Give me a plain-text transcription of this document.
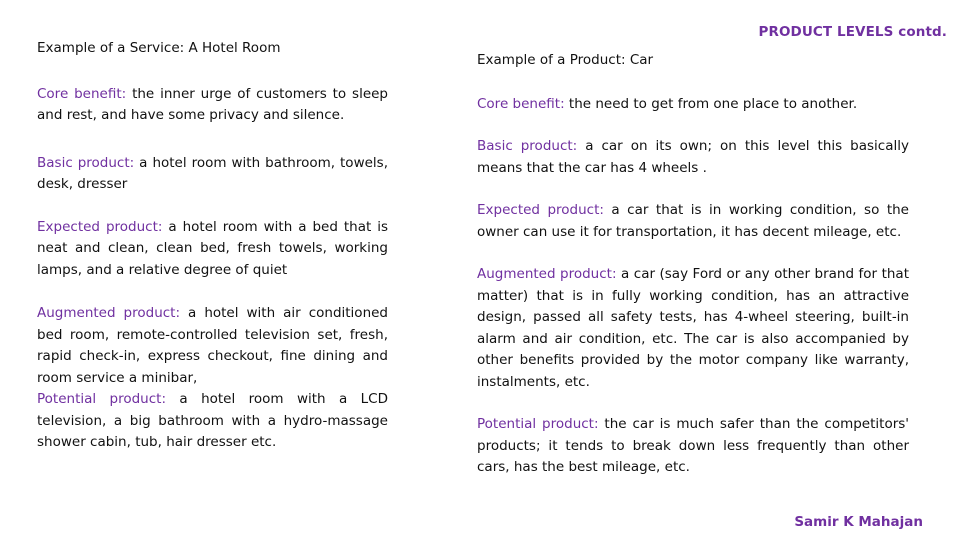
PRODUCT LEVELS contd.

Example of a Service: A Hotel Room

Core benefit: the inner urge of customers to sleep and rest, and have some privacy and silence.

Basic product: a hotel room with bathroom, towels, desk, dresser

Expected product: a hotel room with a bed that is neat and clean, clean bed, fresh towels, working lamps, and a relative degree of quiet

Augmented product: a hotel with air conditioned bed room, remote-controlled television set, fresh, rapid check-in, express checkout, fine dining and room service a minibar,

Potential product: a hotel room with a LCD television, a big bathroom with a hydro-massage shower cabin, tub, hair dresser etc.

Example of a Product: Car

Core benefit: the need to get from one place to another.

Basic product: a car on its own; on this level this basically means that the car has 4 wheels .

Expected product: a car that is in working condition, so the owner can use it for transportation, it has decent mileage, etc.

Augmented product: a car (say Ford or any other brand for that matter) that is in fully working condition, has an attractive design, passed all safety tests, has 4-wheel steering, built-in alarm and air condition, etc. The car is also accompanied by other benefits provided by the motor company like warranty, instalments, etc.

Potential product: the car is much safer than the competitors' products; it tends to break down less frequently than other cars, has the best mileage, etc.

Samir K Mahajan
